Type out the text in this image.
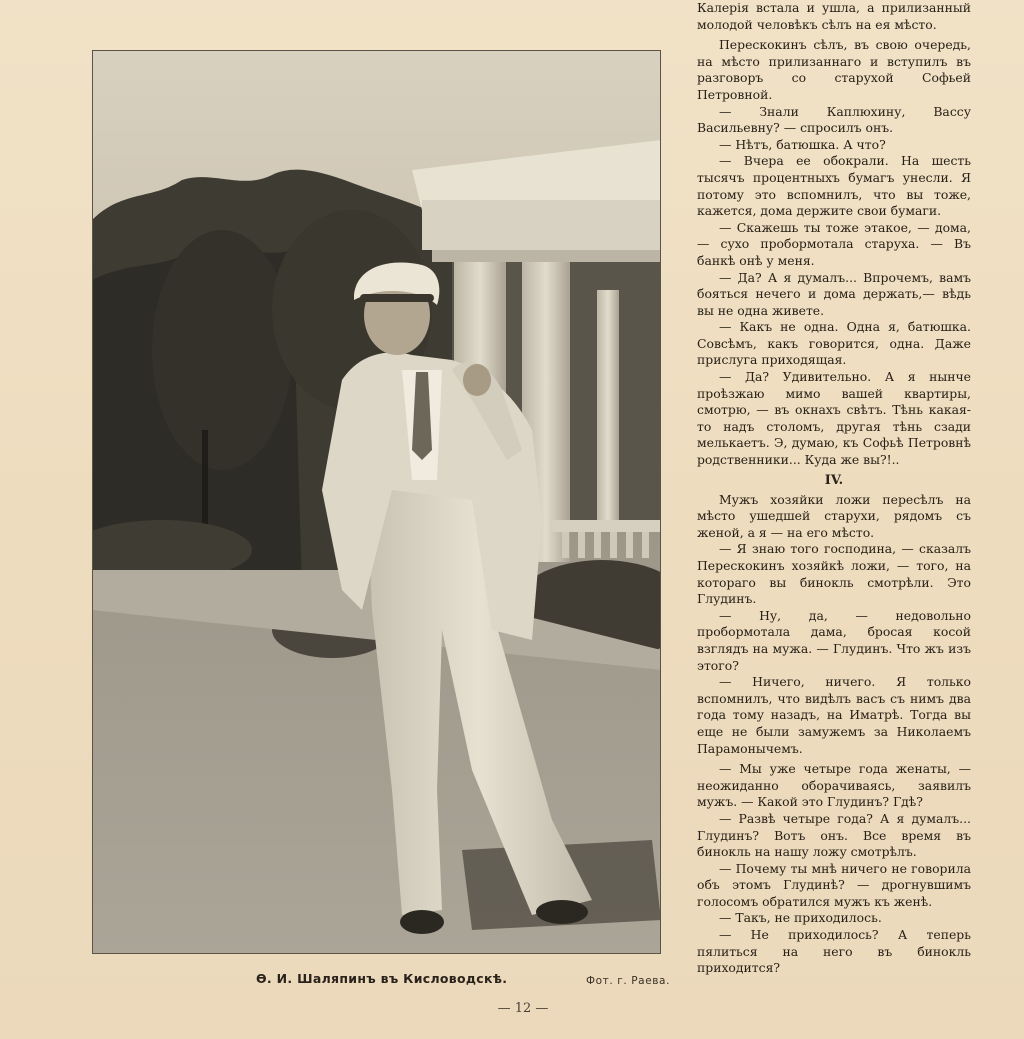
Ѳ. И. Шаляпинъ въ Кисловодскѣ.	Фот. г. Раева.
— 12 —

Калерія встала и ушла, а прилизанный молодой человѣкъ сѣлъ на ея мѣсто.

Перескокинъ сѣлъ, въ свою очередь, на мѣсто прилизаннаго и вступилъ въ разговоръ со старухой Софьей Петровной.

— Знали Каплюхину, Вассу Васильевну? — спросилъ онъ.

— Нѣтъ, батюшка. А что?

— Вчера ее обокрали. На шесть тысячъ процентныхъ бумагъ унесли. Я потому это вспомнилъ, что вы тоже, кажется, дома держите свои бумаги.

— Скажешь ты тоже этакое, — дома, — сухо пробормотала старуха. — Въ банкѣ онѣ у меня.

— Да? А я думалъ... Впрочемъ, вамъ бояться нечего и дома держать,— вѣдь вы не одна живете.

— Какъ не одна. Одна я, батюшка. Совсѣмъ, какъ говорится, одна. Даже прислуга приходящая.

— Да? Удивительно. А я нынче проѣзжаю мимо вашей квартиры, смотрю, — въ окнахъ свѣтъ. Тѣнь какая-то надъ столомъ, другая тѣнь сзади мелькаетъ. Э, думаю, къ Софьѣ Петровнѣ родственники... Куда же вы?!..

IV.

Мужъ хозяйки ложи пересѣлъ на мѣсто ушедшей старухи, рядомъ съ женой, а я — на его мѣсто.

— Я знаю того господина, — сказалъ Перескокинъ хозяйкѣ ложи, — того, на котораго вы бинокль смотрѣли. Это Глудинъ.

— Ну, да, — недовольно пробормотала дама, бросая косой взглядъ на мужа. — Глудинъ. Что жъ изъ этого?

— Ничего, ничего. Я только вспомнилъ, что видѣлъ васъ съ нимъ два года тому назадъ, на Иматрѣ. Тогда вы еще не были замужемъ за Николаемъ Парамонычемъ.

— Мы уже четыре года женаты, — неожиданно оборачиваясь, заявилъ мужъ. — Какой это Глудинъ? Гдѣ?

— Развѣ четыре года? А я думалъ... Глудинъ? Вотъ онъ. Все время въ бинокль на нашу ложу смотрѣлъ.

— Почему ты мнѣ ничего не говорила объ этомъ Глудинѣ? — дрогнувшимъ голосомъ обратился мужъ къ женѣ.

— Такъ, не приходилось.

— Не приходилось? А теперь пялиться на него въ бинокль приходится?
